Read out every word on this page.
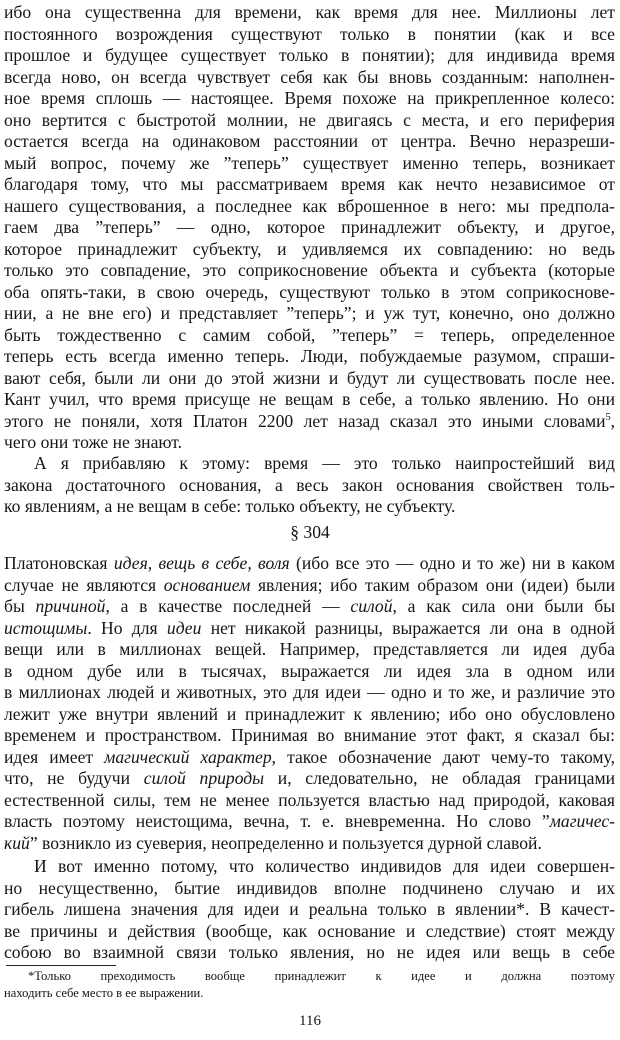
ибо она существенна для времени, как время для нее. Миллионы лет
постоянного возрождения существуют только в понятии (как и все
прошлое и будущее существует только в понятии); для индивида время
всегда ново, он всегда чувствует себя как бы вновь созданным: наполнен-
ное время сплошь — настоящее. Время похоже на прикрепленное колесо:
оно вертится с быстротой молнии, не двигаясь с места, и его периферия
остается всегда на одинаковом расстоянии от центра. Вечно неразреши-
мый вопрос, почему же ”теперь” существует именно теперь, возникает
благодаря тому, что мы рассматриваем время как нечто независимое от
нашего существования, а последнее как вброшенное в него: мы предпола-
гаем два ”теперь” — одно, которое принадлежит объекту, и другое,
которое принадлежит субъекту, и удивляемся их совпадению: но ведь
только это совпадение, это соприкосновение объекта и субъекта (которые
оба опять-таки, в свою очередь, существуют только в этом соприкоснове-
нии, а не вне его) и представляет ”теперь”; и уж тут, конечно, оно должно
быть тождественно с самим собой, ”теперь” = теперь, определенное
теперь есть всегда именно теперь. Люди, побуждаемые разумом, спраши-
вают себя, были ли они до этой жизни и будут ли существовать после нее.
Кант учил, что время присуще не вещам в себе, а только явлению. Но они
этого не поняли, хотя Платон 2200 лет назад сказал это иными словами$^5$,
чего они тоже не знают.
А я прибавляю к этому: время — это только наипростейший вид
закона достаточного основания, а весь закон основания свойствен толь-
ко явлениям, а не вещам в себе: только объекту, не субъекту.
§ 304
Платоновская идея, вещь в себе, воля (ибо все это — одно и то же) ни в каком
случае не являются основанием явления; ибо таким образом они (идеи) были
бы причиной, а в качестве последней — силой, а как сила они были бы
истощимы. Но для идеи нет никакой разницы, выражается ли она в одной
вещи или в миллионах вещей. Например, представляется ли идея дуба
в одном дубе или в тысячах, выражается ли идея зла в одном или
в миллионах людей и животных, это для идеи — одно и то же, и различие это
лежит уже внутри явлений и принадлежит к явлению; ибо оно обусловлено
временем и пространством. Принимая во внимание этот факт, я сказал бы:
идея имеет магический характер, такое обозначение дают чему-то такому,
что, не будучи силой природы и, следовательно, не обладая границами
естественной силы, тем не менее пользуется властью над природой, каковая
власть поэтому неистощима, вечна, т. е. вневременна. Но слово ”магичес-
кий” возникло из суеверия, неопределенно и пользуется дурной славой.
И вот именно потому, что количество индивидов для идеи совершен-
но несущественно, бытие индивидов вполне подчинено случаю и их
гибель лишена значения для идеи и реальна только в явлении*. В качест-
ве причины и действия (вообще, как основание и следствие) стоят между
собою во взаимной связи только явления, но не идея или вещь в себе
*Только преходимость вообще принадлежит к идее и должна поэтому
находить себе место в ее выражении.
116
